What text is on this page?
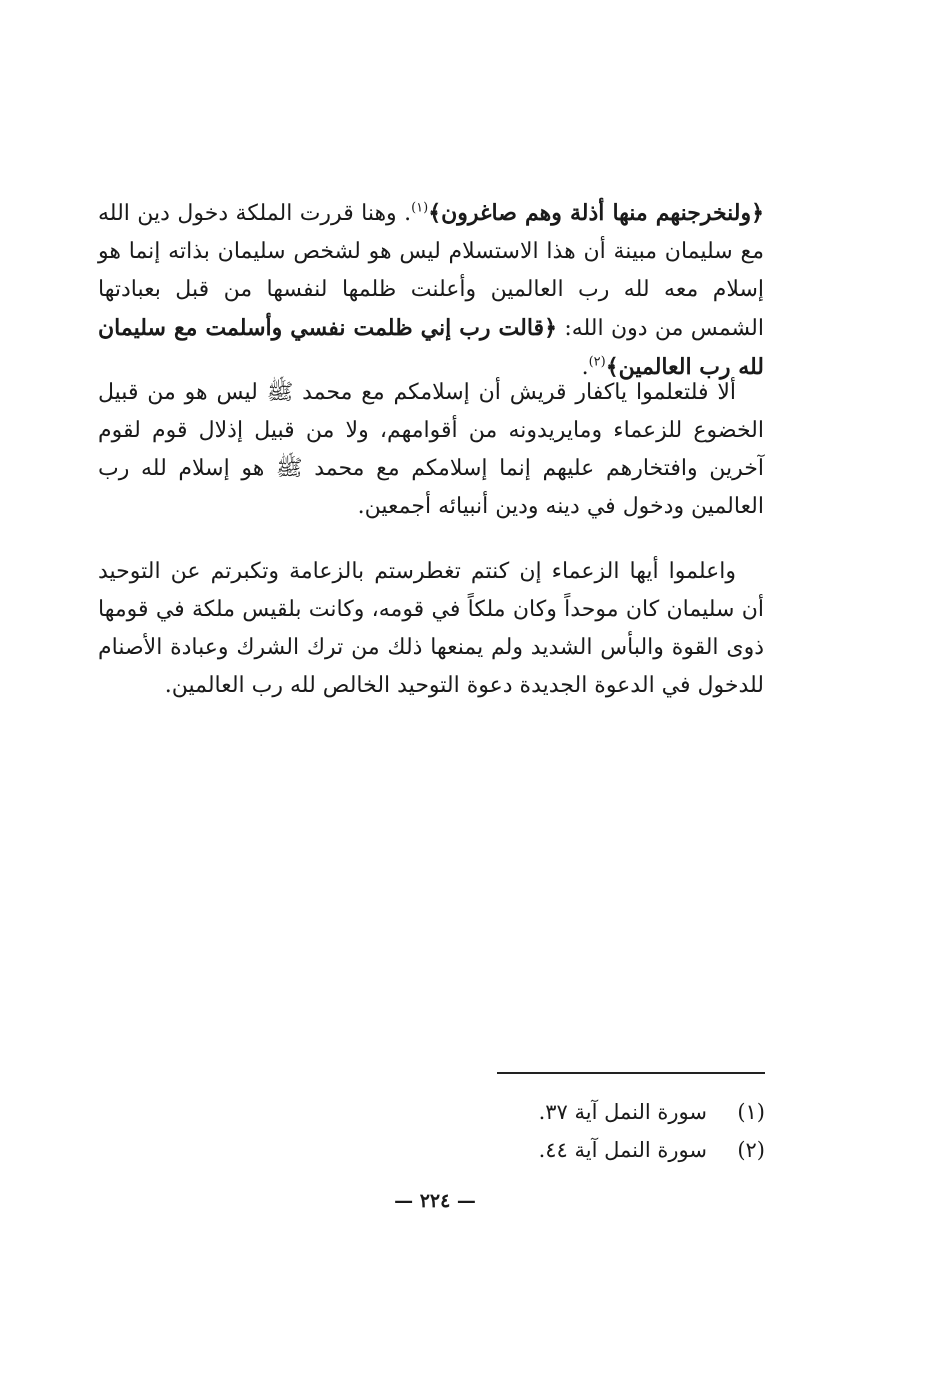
﴿ولنخرجنهم منها أذلة وهم صاغرون﴾$^{(١)}$. وهنا قررت الملكة دخول دين الله مع سليمان مبينة أن هذا الاستسلام ليس هو لشخص سليمان بذاته إنما هو إسلام معه لله رب العالمين وأعلنت ظلمها لنفسها من قبل بعبادتها الشمس من دون الله: ﴿قالت رب إني ظلمت نفسي وأسلمت مع سليمان لله رب العالمين﴾$^{(٢)}$.

ألا فلتعلموا ياكفار قريش أن إسلامكم مع محمد ﷺ ليس هو من قبيل الخضوع للزعماء ومايريدونه من أقوامهم، ولا من قبيل إذلال قوم لقوم آخرين وافتخارهم عليهم إنما إسلامكم مع محمد ﷺ هو إسلام لله رب العالمين ودخول في دينه ودين أنبيائه أجمعين.

واعلموا أيها الزعماء إن كنتم تغطرستم بالزعامة وتكبرتم عن التوحيد أن سليمان كان موحداً وكان ملكاً في قومه، وكانت بلقيس ملكة في قومها ذوى القوة والبأس الشديد ولم يمنعها ذلك من ترك الشرك وعبادة الأصنام للدخول في الدعوة الجديدة دعوة التوحيد الخالص لله رب العالمين.

(١)سورة النمل آية ٣٧.
(٢)سورة النمل آية ٤٤.
— ٢٢٤ —
